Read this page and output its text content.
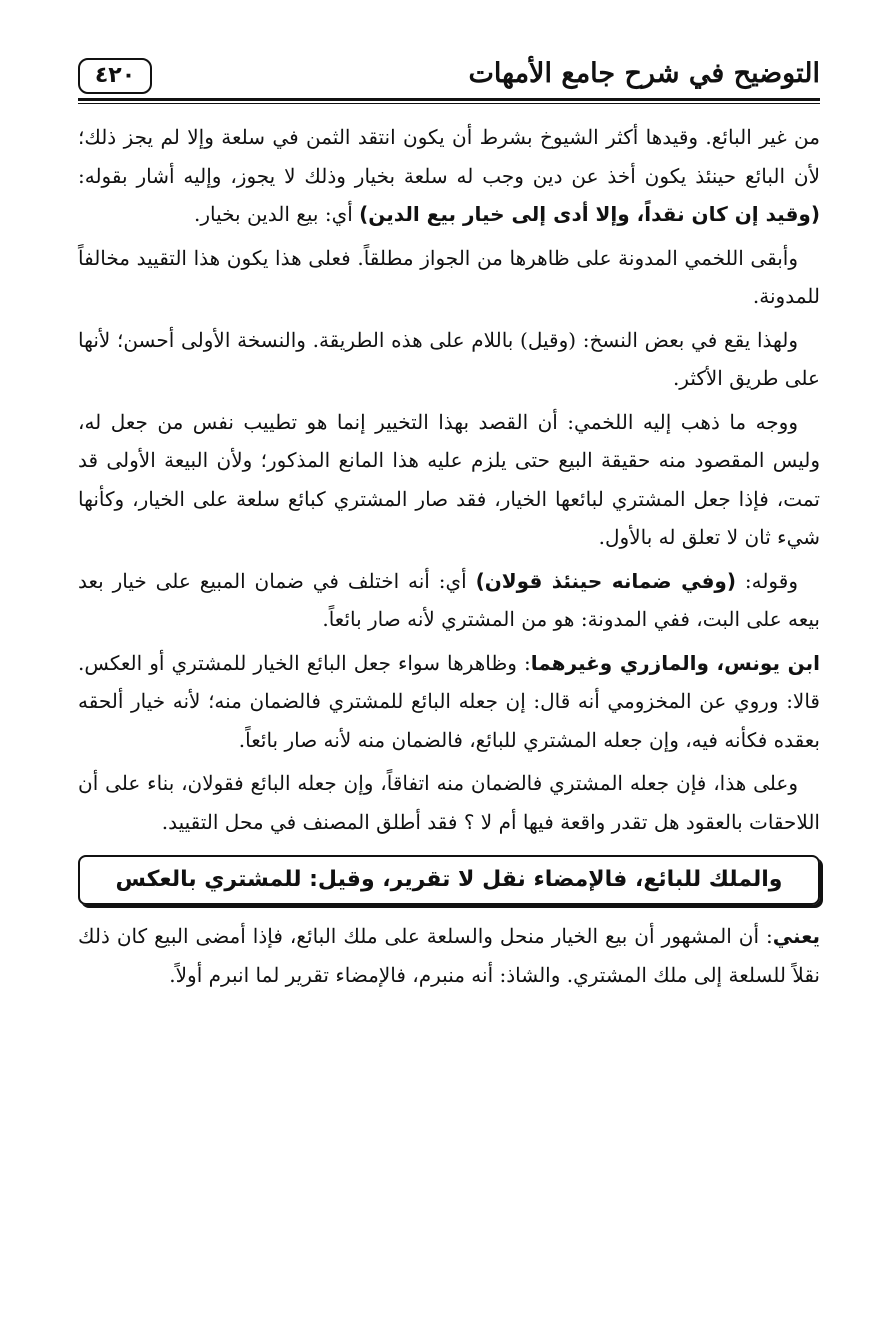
٤٢٠	التوضيح في شرح جامع الأمهات

من غير البائع. وقيدها أكثر الشيوخ بشرط أن يكون انتقد الثمن في سلعة وإلا لم يجز ذلك؛ لأن البائع حينئذ يكون أخذ عن دين وجب له سلعة بخيار وذلك لا يجوز، وإليه أشار بقوله: (وقيد إن كان نقداً، وإلا أدى إلى خيار بيع الدين) أي: بيع الدين بخيار.

وأبقى اللخمي المدونة على ظاهرها من الجواز مطلقاً. فعلى هذا يكون هذا التقييد مخالفاً للمدونة.

ولهذا يقع في بعض النسخ: (وقيل) باللام على هذه الطريقة. والنسخة الأولى أحسن؛ لأنها على طريق الأكثر.

ووجه ما ذهب إليه اللخمي: أن القصد بهذا التخيير إنما هو تطييب نفس من جعل له، وليس المقصود منه حقيقة البيع حتى يلزم عليه هذا المانع المذكور؛ ولأن البيعة الأولى قد تمت، فإذا جعل المشتري لبائعها الخيار، فقد صار المشتري كبائع سلعة على الخيار، وكأنها شيء ثان لا تعلق له بالأول.

وقوله: (وفي ضمانه حينئذ قولان) أي: أنه اختلف في ضمان المبيع على خيار بعد بيعه على البت، ففي المدونة: هو من المشتري لأنه صار بائعاً.

ابن يونس، والمازري وغيرهما: وظاهرها سواء جعل البائع الخيار للمشتري أو العكس. قالا: وروي عن المخزومي أنه قال: إن جعله البائع للمشتري فالضمان منه؛ لأنه خيار ألحقه بعقده فكأنه فيه، وإن جعله المشتري للبائع، فالضمان منه لأنه صار بائعاً.

وعلى هذا، فإن جعله المشتري فالضمان منه اتفاقاً، وإن جعله البائع فقولان، بناء على أن اللاحقات بالعقود هل تقدر واقعة فيها أم لا ؟ فقد أطلق المصنف في محل التقييد.

والملك للبائع، فالإمضاء نقل لا تقرير، وقيل: للمشتري بالعكس

يعني: أن المشهور أن بيع الخيار منحل والسلعة على ملك البائع، فإذا أمضى البيع كان ذلك نقلاً للسلعة إلى ملك المشتري. والشاذ: أنه منبرم، فالإمضاء تقرير لما انبرم أولاً.
